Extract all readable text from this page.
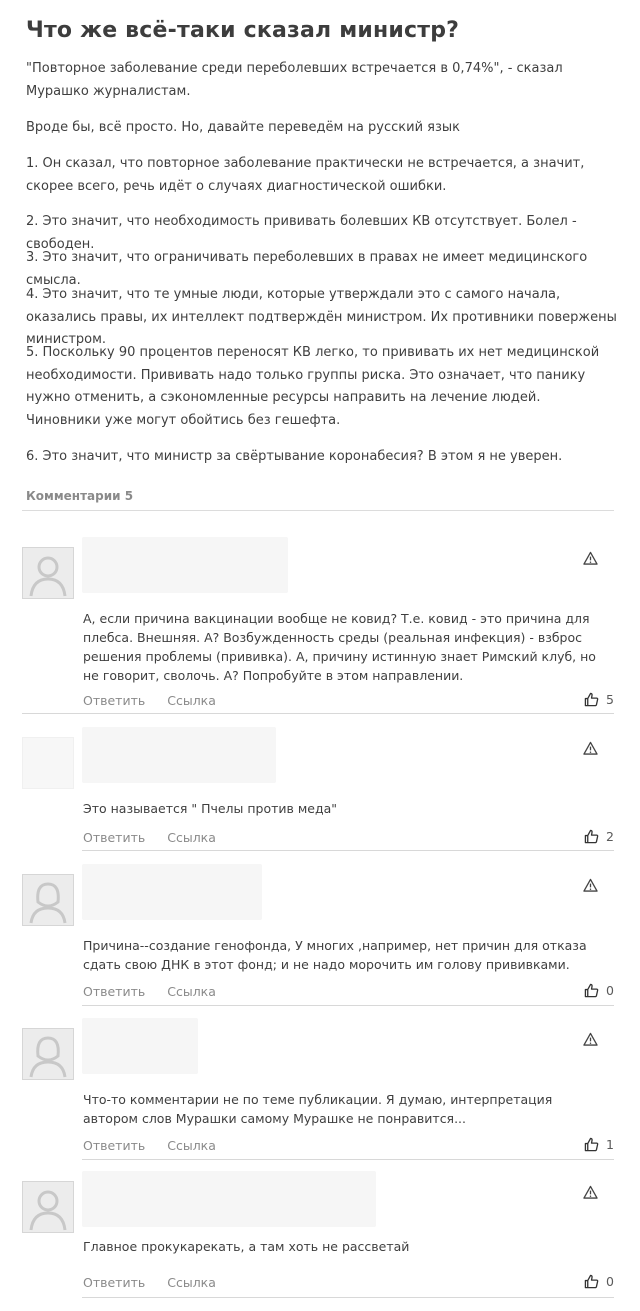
Что же всё-таки сказал министр?

"Повторное заболевание среди переболевших встречается в 0,74%", - сказал Мурашко журналистам.

Вроде бы, всё просто. Но, давайте переведём на русский язык

1. Он сказал, что повторное заболевание практически не встречается, а значит, скорее всего, речь идёт о случаях диагностической ошибки.

2. Это значит, что необходимость прививать болевших КВ отсутствует. Болел - свободен.

3. Это значит, что ограничивать переболевших в правах не имеет медицинского смысла.

4. Это значит, что те умные люди, которые утверждали это с самого начала, оказались правы, их интеллект подтверждён министром. Их противники повержены министром.

5. Поскольку 90 процентов переносят КВ легко, то прививать их нет медицинской необходимости. Прививать надо только группы риска. Это означает, что панику нужно отменить, а сэкономленные ресурсы направить на лечение людей. Чиновники уже могут обойтись без гешефта.

6. Это значит, что министр за свёртывание коронабесия? В этом я не уверен.

Комментарии 5

А, если причина вакцинации вообще не ковид? Т.е. ковид - это причина для плебса. Внешняя. А? Возбужденность среды (реальная инфекция) - взброс решения проблемы (прививка). А, причину истинную знает Римский клуб, но не говорит, сволочь. А? Попробуйте в этом направлении.

Ответить Ссылка	5

Это называется " Пчелы против меда"

Ответить Ссылка	2

Причина--создание генофонда, У многих ,например, нет причин для отказа сдать свою ДНК в этот фонд; и не надо морочить им голову прививками.

Ответить Ссылка	0

Что-то комментарии не по теме публикации. Я думаю, интерпретация автором слов Мурашки самому Мурашке не понравится...

Ответить Ссылка	1

Главное прокукарекать, а там хоть не рассветай

Ответить Ссылка	0
